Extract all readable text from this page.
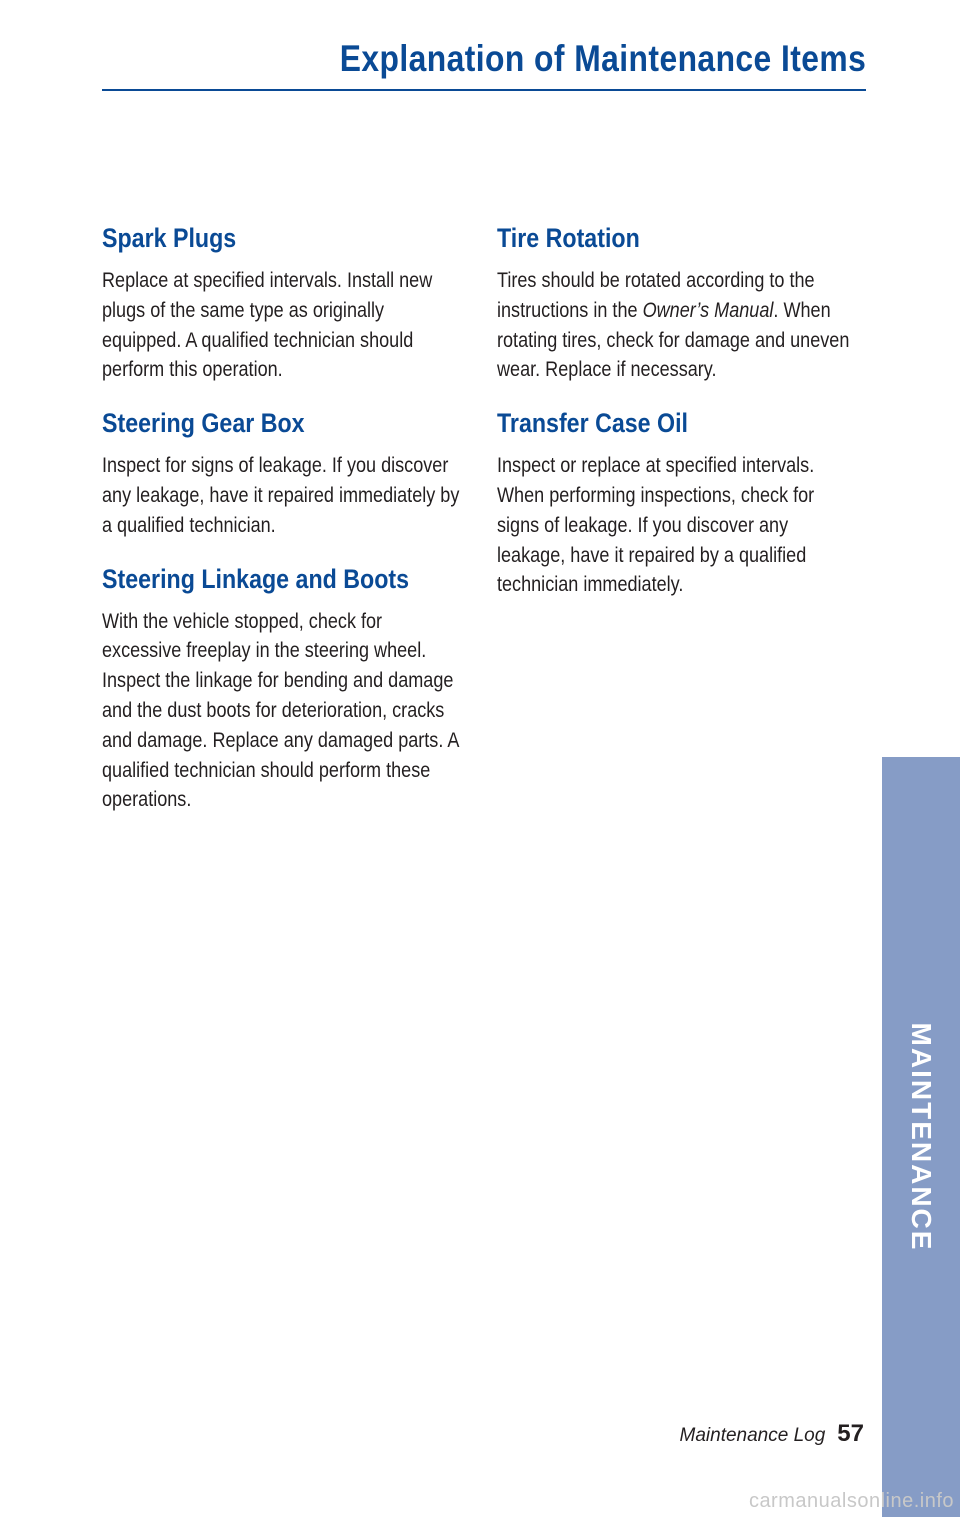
Explanation of Maintenance Items
Spark Plugs

Replace at specified intervals. Install new plugs of the same type as originally equipped. A qualified technician should perform this operation.

Steering Gear Box

Inspect for signs of leakage. If you discover any leakage, have it repaired immediately by a qualified technician.

Steering Linkage and Boots

With the vehicle stopped, check for excessive freeplay in the steering wheel. Inspect the linkage for bending and damage and the dust boots for deterioration, cracks and damage. Replace any damaged parts. A qualified technician should perform these operations.

Tire Rotation

Tires should be rotated according to the instructions in the Owner’s Manual. When rotating tires, check for damage and uneven wear. Replace if necessary.

Transfer Case Oil

Inspect or replace at specified intervals. When performing inspections, check for signs of leakage. If you discover any leakage, have it repaired by a qualified technician immediately.

MAINTENANCE
Maintenance Log 57
carmanualsonline.info
